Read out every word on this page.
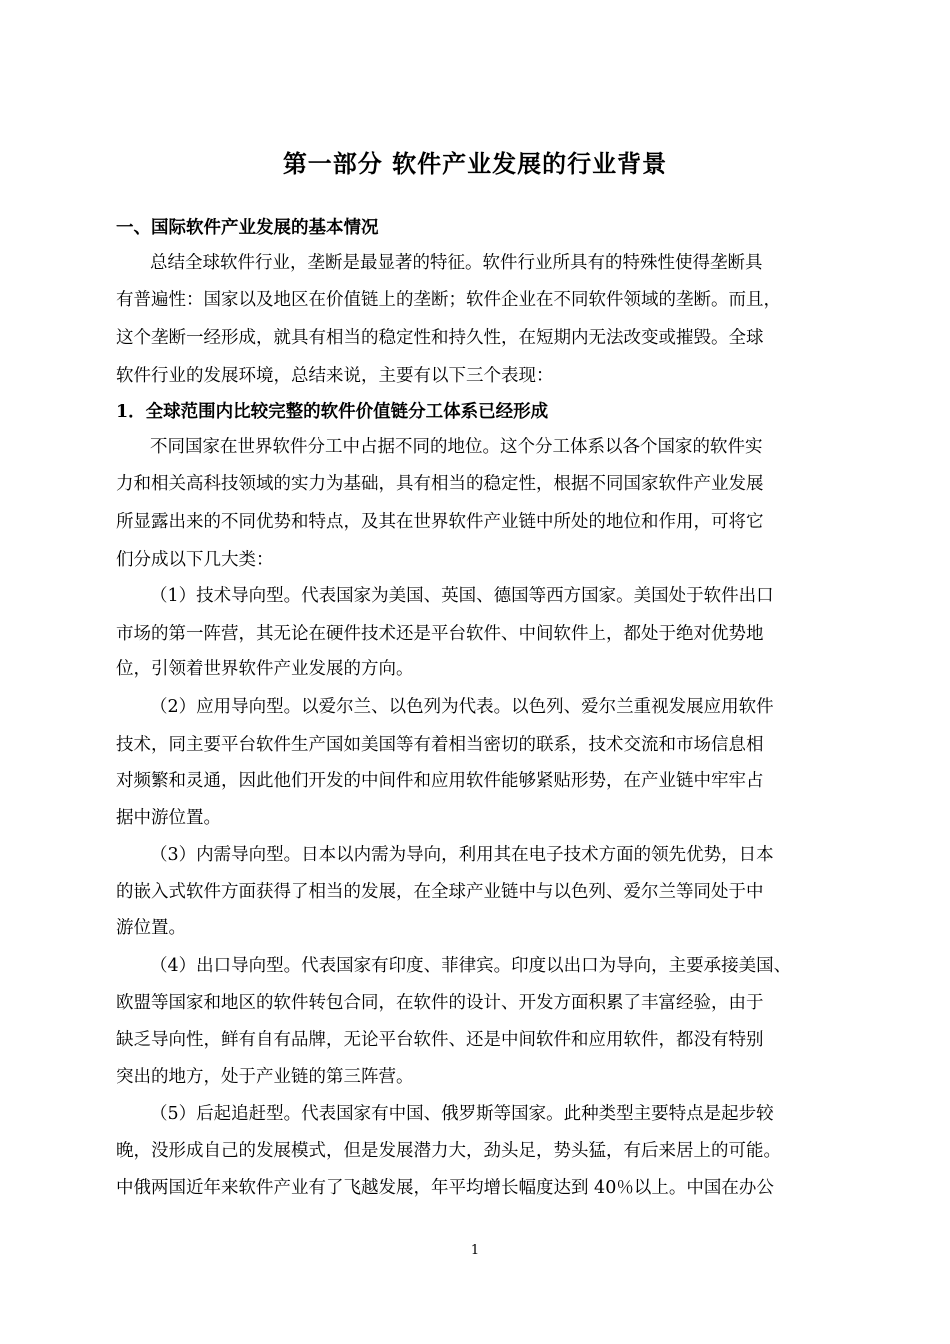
第一部分 软件产业发展的行业背景

一、国际软件产业发展的基本情况

总结全球软件行业，垄断是最显著的特征。软件行业所具有的特殊性使得垄断具

有普遍性：国家以及地区在价值链上的垄断；软件企业在不同软件领域的垄断。而且，

这个垄断一经形成，就具有相当的稳定性和持久性，在短期内无法改变或摧毁。全球

软件行业的发展环境，总结来说，主要有以下三个表现：

1．全球范围内比较完整的软件价值链分工体系已经形成

不同国家在世界软件分工中占据不同的地位。这个分工体系以各个国家的软件实

力和相关高科技领域的实力为基础，具有相当的稳定性，根据不同国家软件产业发展

所显露出来的不同优势和特点，及其在世界软件产业链中所处的地位和作用，可将它

们分成以下几大类：

（1）技术导向型。代表国家为美国、英国、德国等西方国家。美国处于软件出口

市场的第一阵营，其无论在硬件技术还是平台软件、中间软件上，都处于绝对优势地

位，引领着世界软件产业发展的方向。

（2）应用导向型。以爱尔兰、以色列为代表。以色列、爱尔兰重视发展应用软件

技术，同主要平台软件生产国如美国等有着相当密切的联系，技术交流和市场信息相

对频繁和灵通，因此他们开发的中间件和应用软件能够紧贴形势，在产业链中牢牢占

据中游位置。

（3）内需导向型。日本以内需为导向，利用其在电子技术方面的领先优势，日本

的嵌入式软件方面获得了相当的发展，在全球产业链中与以色列、爱尔兰等同处于中

游位置。

（4）出口导向型。代表国家有印度、菲律宾。印度以出口为导向，主要承接美国、

欧盟等国家和地区的软件转包合同，在软件的设计、开发方面积累了丰富经验，由于

缺乏导向性，鲜有自有品牌，无论平台软件、还是中间软件和应用软件，都没有特别

突出的地方，处于产业链的第三阵营。

（5）后起追赶型。代表国家有中国、俄罗斯等国家。此种类型主要特点是起步较

晚，没形成自己的发展模式，但是发展潜力大，劲头足，势头猛，有后来居上的可能。

中俄两国近年来软件产业有了飞越发展，年平均增长幅度达到 40％以上。中国在办公

1
